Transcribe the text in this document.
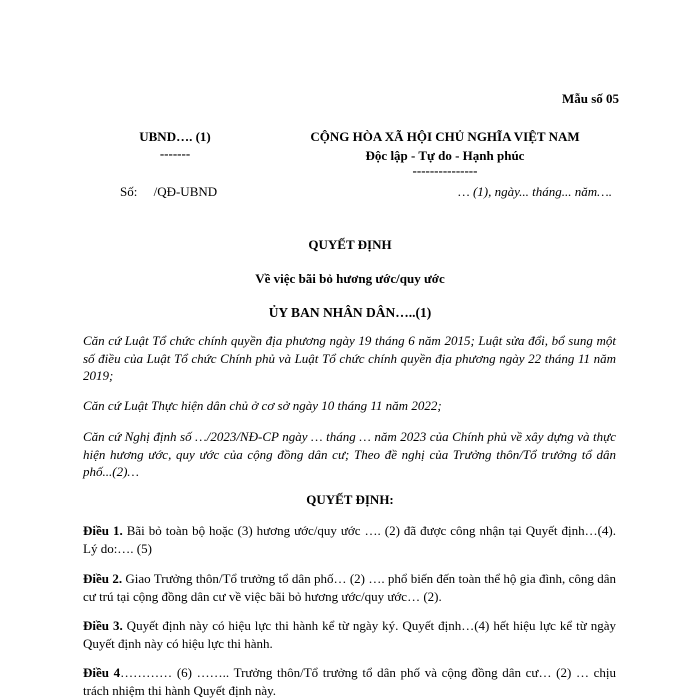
Mẫu số 05
UBND…. (1)
-------
CỘNG HÒA XÃ HỘI CHỦ NGHĨA VIỆT NAM
Độc lập - Tự do - Hạnh phúc
---------------
Số:     /QĐ-UBND	… (1), ngày... tháng... năm….
QUYẾT ĐỊNH
Về việc bãi bỏ hương ước/quy ước
ỦY BAN NHÂN DÂN…..(1)
Căn cứ Luật Tổ chức chính quyền địa phương ngày 19 tháng 6 năm 2015; Luật sửa đổi, bổ sung một số điều của Luật Tổ chức Chính phủ và Luật Tổ chức chính quyền địa phương ngày 22 tháng 11 năm 2019;
Căn cứ Luật Thực hiện dân chủ ở cơ sở ngày 10 tháng 11 năm 2022;
Căn cứ Nghị định số …/2023/NĐ-CP ngày … tháng … năm 2023 của Chính phủ về xây dựng và thực hiện hương ước, quy ước của cộng đồng dân cư; Theo đề nghị của Trưởng thôn/Tổ trưởng tổ dân phố...(2)…
QUYẾT ĐỊNH:
Điều 1. Bãi bỏ toàn bộ hoặc (3) hương ước/quy ước …. (2) đã được công nhận tại Quyết định…(4). Lý do:…. (5)
Điều 2. Giao Trưởng thôn/Tổ trưởng tổ dân phố… (2) …. phổ biến đến toàn thể hộ gia đình, công dân cư trú tại cộng đồng dân cư về việc bãi bỏ hương ước/quy ước… (2).
Điều 3. Quyết định này có hiệu lực thi hành kể từ ngày ký. Quyết định…(4) hết hiệu lực kể từ ngày Quyết định này có hiệu lực thi hành.
Điều 4………… (6) …….. Trưởng thôn/Tổ trưởng tổ dân phố và cộng đồng dân cư… (2) … chịu trách nhiệm thi hành Quyết định này.
